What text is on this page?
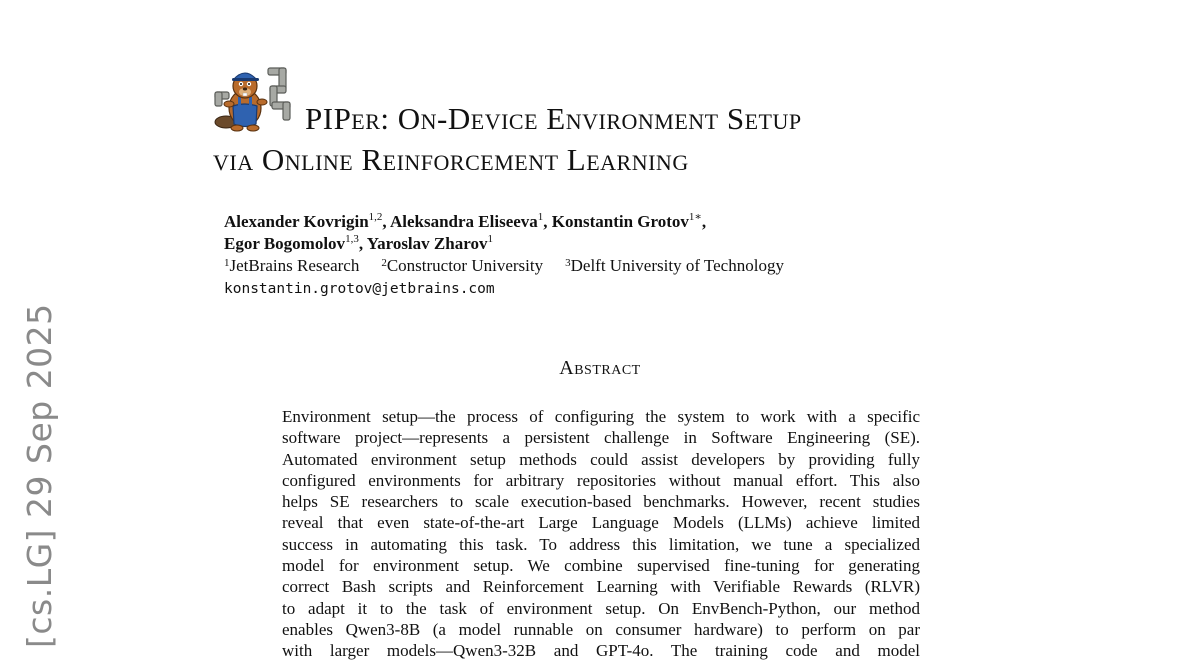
[cs.LG] 29 Sep 2025
PIPer: On-Device Environment Setup
via Online Reinforcement Learning
Alexander Kovrigin$^{1,2}$, Aleksandra Eliseeva$^1$, Konstantin Grotov$^{1∗}$,
Egor Bogomolov$^{1,3}$, Yaroslav Zharov$^1$
$^1$JetBrains Research $^2$Constructor University $^3$Delft University of Technology
konstantin.grotov@jetbrains.com
Abstract
Environment setup—the process of configuring the system to work with a specific
software project—represents a persistent challenge in Software Engineering (SE).
Automated environment setup methods could assist developers by providing fully
configured environments for arbitrary repositories without manual effort. This also
helps SE researchers to scale execution-based benchmarks. However, recent studies
reveal that even state-of-the-art Large Language Models (LLMs) achieve limited
success in automating this task. To address this limitation, we tune a specialized
model for environment setup. We combine supervised fine-tuning for generating
correct Bash scripts and Reinforcement Learning with Verifiable Rewards (RLVR)
to adapt it to the task of environment setup. On EnvBench-Python, our method
enables Qwen3-8B (a model runnable on consumer hardware) to perform on par
with larger models—Qwen3-32B and GPT-4o. The training code and model
